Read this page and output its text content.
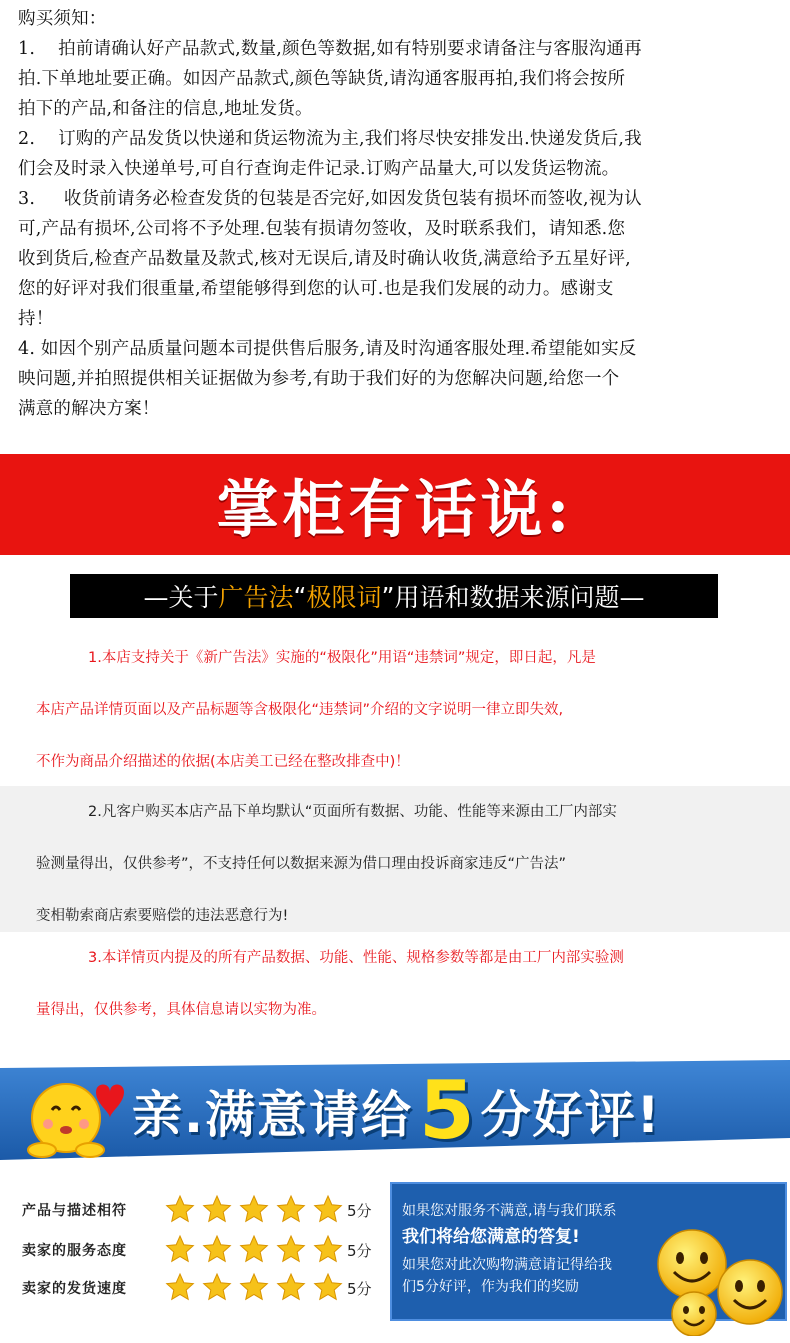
购买须知：

1.    拍前请确认好产品款式,数量,颜色等数据,如有特别要求请备注与客服沟通再

拍.下单地址要正确。如因产品款式,颜色等缺货,请沟通客服再拍,我们将会按所

拍下的产品,和备注的信息,地址发货。

2.    订购的产品发货以快递和货运物流为主,我们将尽快安排发出.快递发货后,我

们会及时录入快递单号,可自行查询走件记录.订购产品量大,可以发货运物流。

3.     收货前请务必检查发货的包装是否完好,如因发货包装有损坏而签收,视为认

可,产品有损坏,公司将不予处理.包装有损请勿签收，及时联系我们，请知悉.您

收到货后,检查产品数量及款式,核对无误后,请及时确认收货,满意给予五星好评,

您的好评对我们很重量,希望能够得到您的认可.也是我们发展的动力。感谢支

持！

4. 如因个别产品质量问题本司提供售后服务,请及时沟通客服处理.希望能如实反

映问题,并拍照提供相关证据做为参考,有助于我们好的为您解决问题,给您一个

满意的解决方案！

掌柜有话说:
—关于 广告法 “ 极限词 ” 用语和数据来源问题—

1.本店支持关于《新广告法》实施的“极限化”用语“违禁词”规定，即日起，凡是

本店产品详情页面以及产品标题等含极限化“违禁词”介绍的文字说明一律立即失效,

不作为商品介绍描述的依据(本店美工已经在整改排查中)！

2.凡客户购买本店产品下单均默认“页面所有数据、功能、性能等来源由工厂内部实

验测量得出，仅供参考”，不支持任何以数据来源为借口理由投诉商家违反“广告法”

变相勒索商店索要赔偿的违法恶意行为!

3.本详情页内提及的所有产品数据、功能、性能、规格参数等都是由工厂内部实验测

量得出，仅供参考，具体信息请以实物为准。

亲.满意请给 5 分好评!
产品与描述相符	5分
卖家的服务态度	5分
卖家的发货速度	5分

如果您对服务不满意,请与我们联系

我们将给您满意的答复!

如果您对此次购物满意请记得给我

们5分好评，作为我们的奖励
